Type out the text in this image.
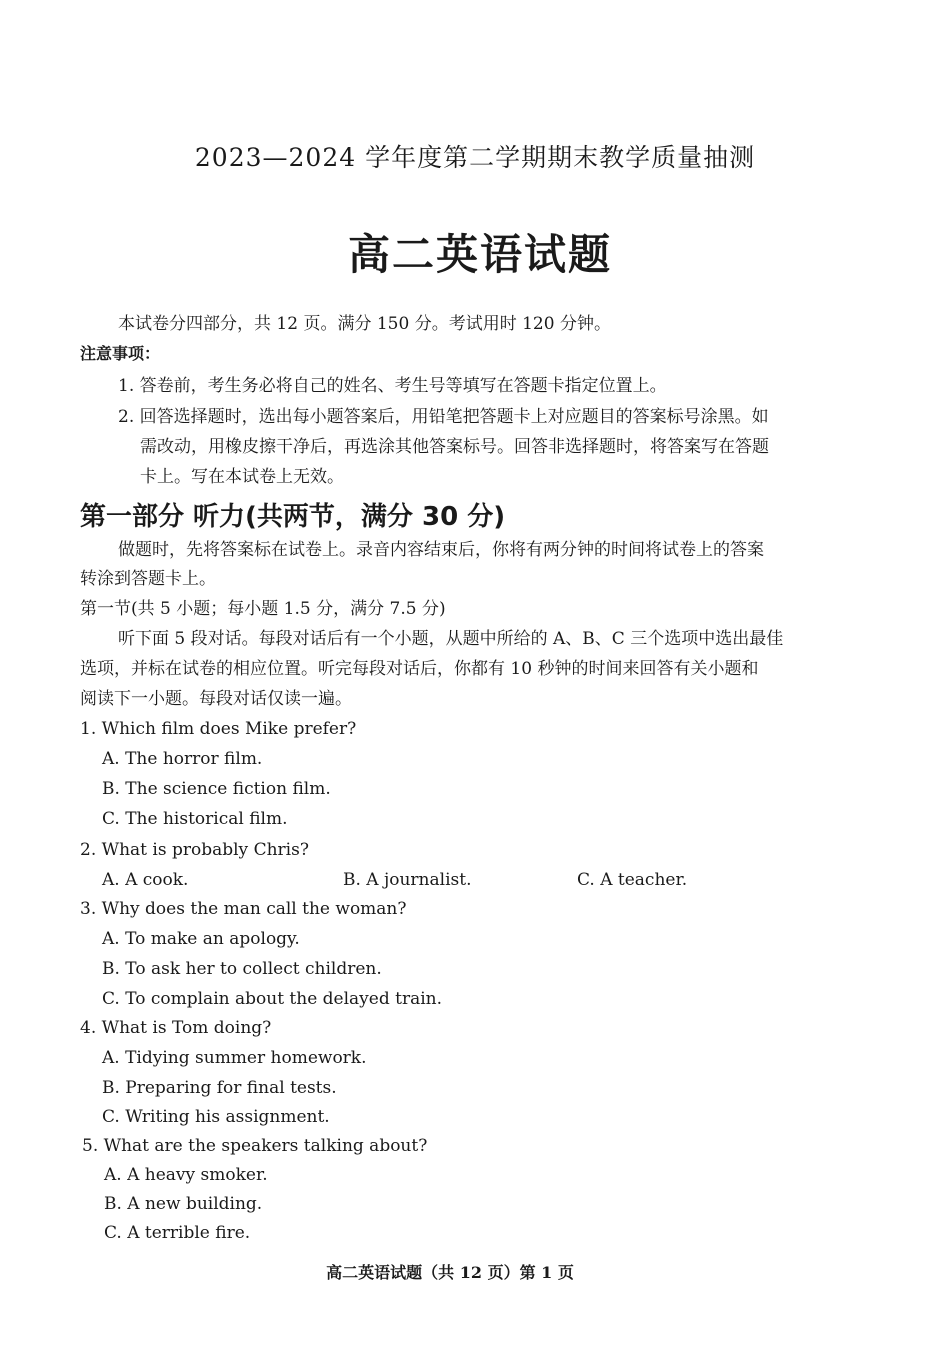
2023—2024 学年度第二学期期末教学质量抽测
高二英语试题
本试卷分四部分，共 12 页。满分 150 分。考试用时 120 分钟。
注意事项：
1. 答卷前，考生务必将自己的姓名、考生号等填写在答题卡指定位置上。
2. 回答选择题时，选出每小题答案后，用铅笔把答题卡上对应题目的答案标号涂黑。如
需改动，用橡皮擦干净后，再选涂其他答案标号。回答非选择题时，将答案写在答题
卡上。写在本试卷上无效。
第一部分 听力(共两节，满分 30 分)
做题时，先将答案标在试卷上。录音内容结束后，你将有两分钟的时间将试卷上的答案
转涂到答题卡上。
第一节(共 5 小题；每小题 1.5 分，满分 7.5 分)
听下面 5 段对话。每段对话后有一个小题，从题中所给的 A、B、C 三个选项中选出最佳
选项，并标在试卷的相应位置。听完每段对话后，你都有 10 秒钟的时间来回答有关小题和
阅读下一小题。每段对话仅读一遍。
1. Which film does Mike prefer?
A. The horror film.
B. The science fiction film.
C. The historical film.
2. What is probably Chris?
A. A cook.	B. A journalist.	C. A teacher.
3. Why does the man call the woman?
A. To make an apology.
B. To ask her to collect children.
C. To complain about the delayed train.
4. What is Tom doing?
A. Tidying summer homework.
B. Preparing for final tests.
C. Writing his assignment.
5. What are the speakers talking about?
A. A heavy smoker.
B. A new building.
C. A terrible fire.
高二英语试题（共 12 页）第 1 页
